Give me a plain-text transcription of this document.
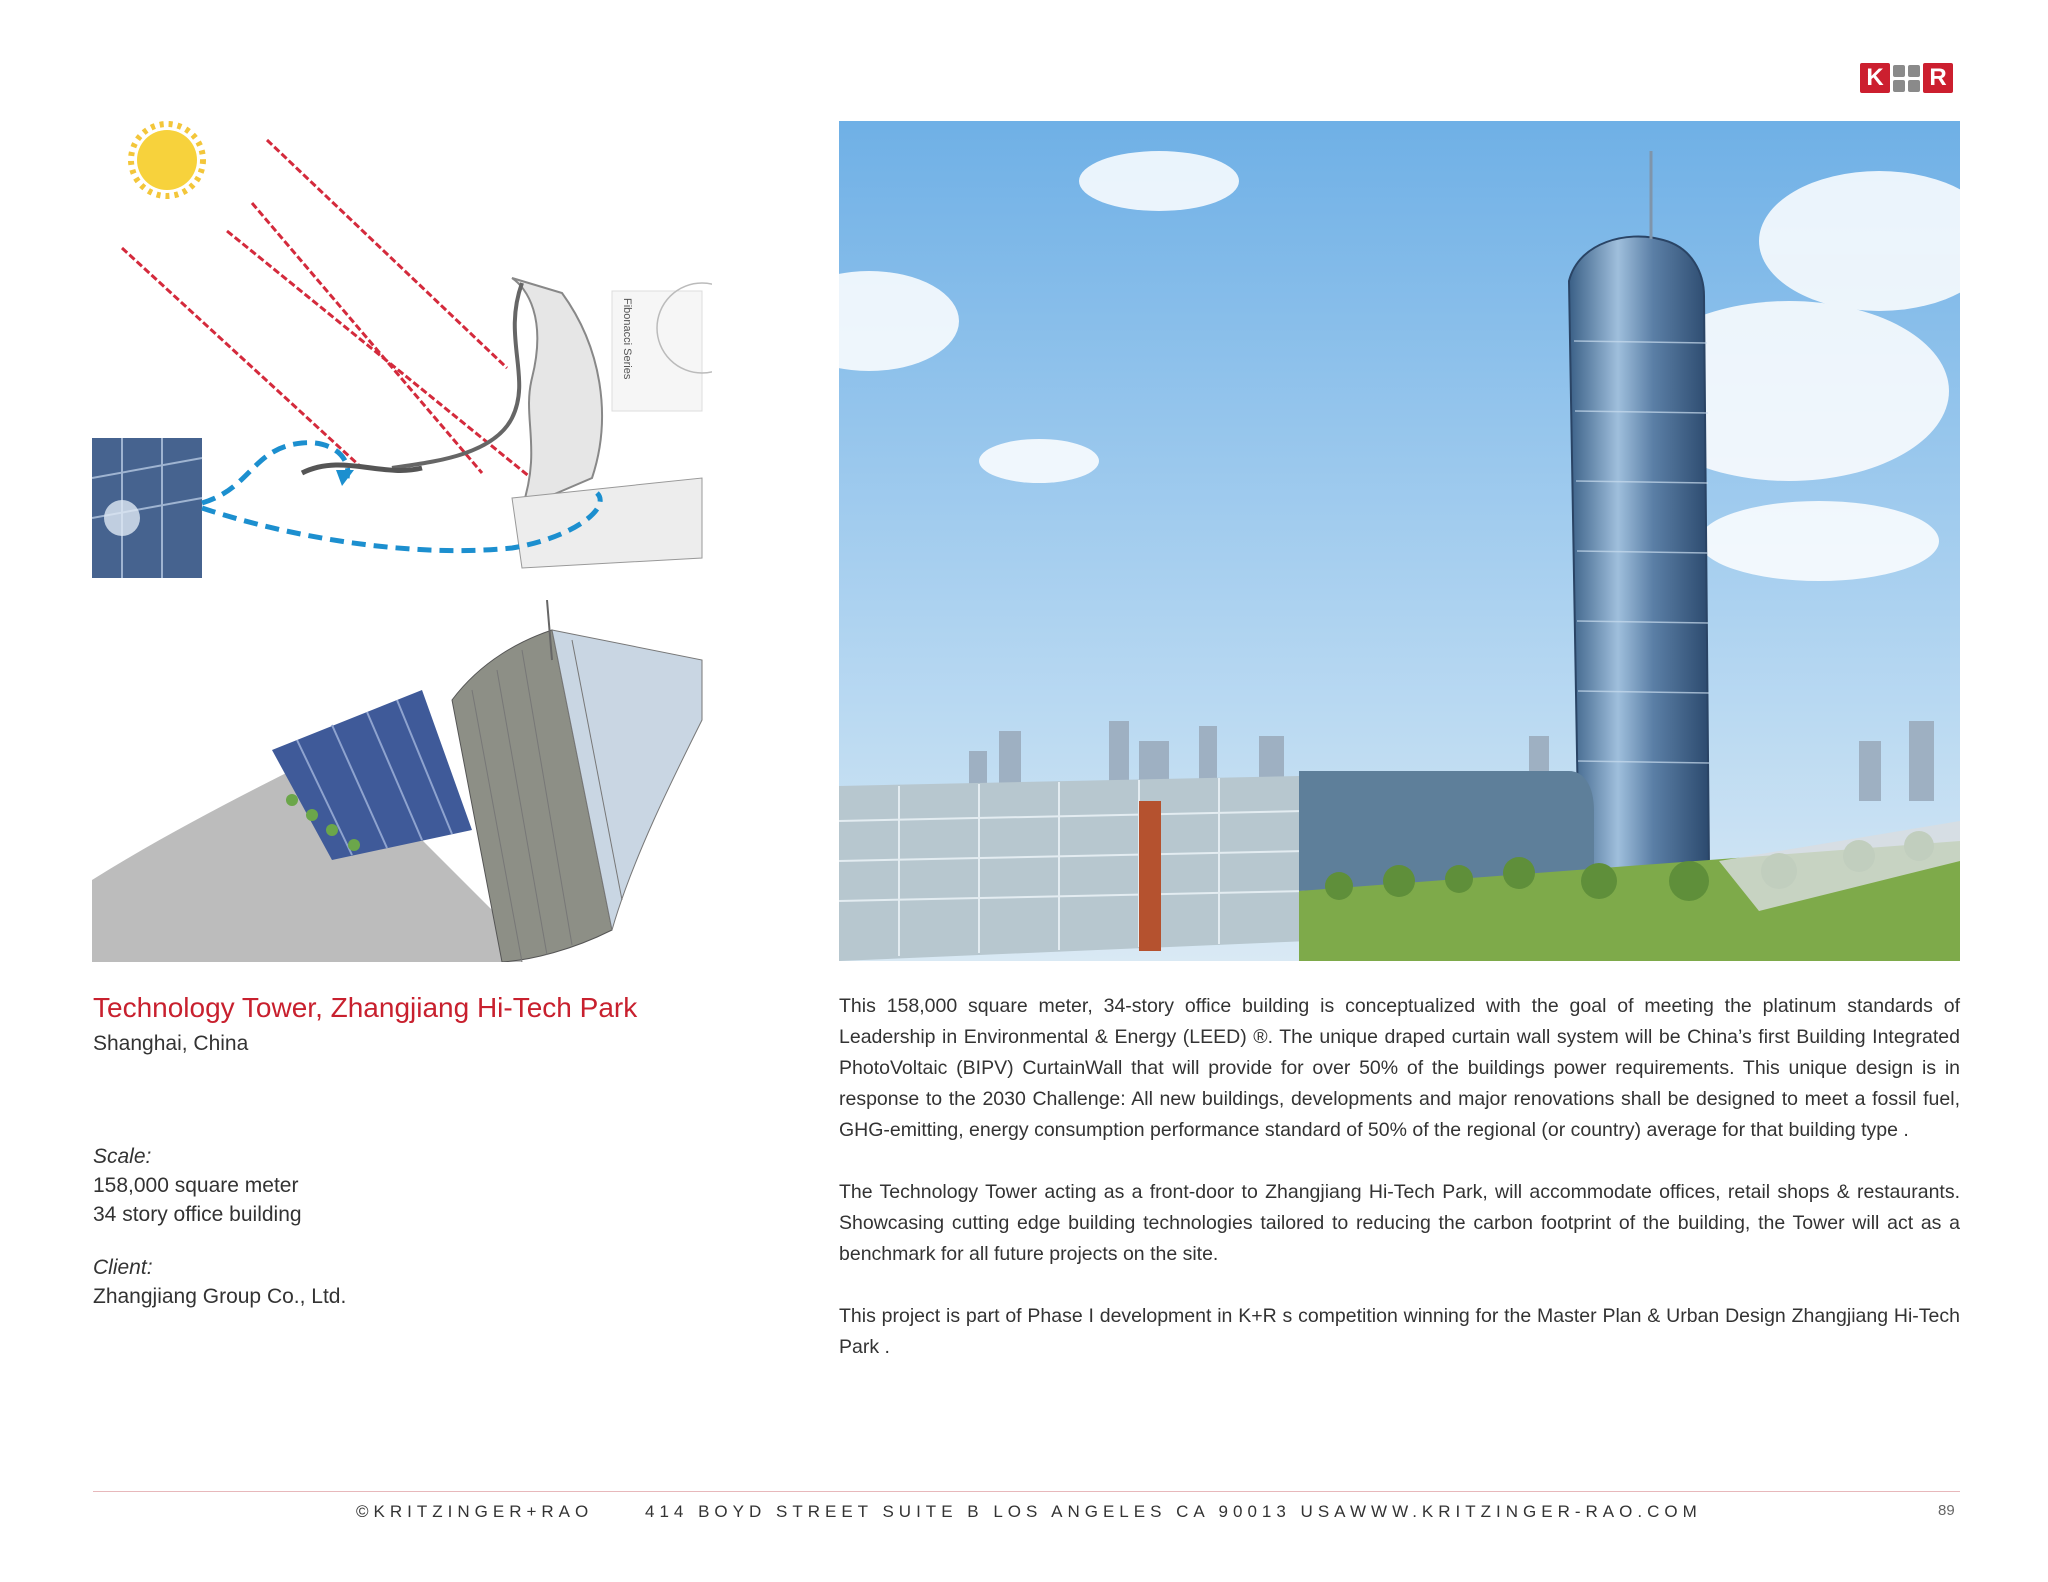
K R
Fibonacci Series
Technology Tower, Zhangjiang Hi-Tech Park
Shanghai, China
Scale:
158,000 square meter
34 story office building
Client:
Zhangjiang Group Co., Ltd.

This 158,000 square meter, 34-story office building is conceptualized with the goal of meeting the platinum standards of Leadership in Environmental & Energy (LEED) ®. The unique draped curtain wall system will be China’s first Building Integrated PhotoVoltaic (BIPV) CurtainWall that will provide for over 50% of the buildings power requirements. This unique design is in response to the 2030 Challenge: All new buildings, developments and major renovations shall be designed to meet a fossil fuel, GHG-emitting, energy consumption performance standard of 50% of the regional (or country) average for that building type .

The Technology Tower acting as a front-door to Zhangjiang Hi-Tech Park, will accommodate offices, retail shops & restaurants. Showcasing cutting edge building technologies tailored to reducing the carbon footprint of the building, the Tower will act as a benchmark for all future projects on the site.

This project is part of Phase I development in K+R s competition winning for the Master Plan & Urban Design Zhangjiang Hi-Tech Park .

©KRITZINGER+RAO	414 BOYD STREET SUITE B LOS ANGELES CA 90013 USA WWW.KRITZINGER-RAO.COM	89
